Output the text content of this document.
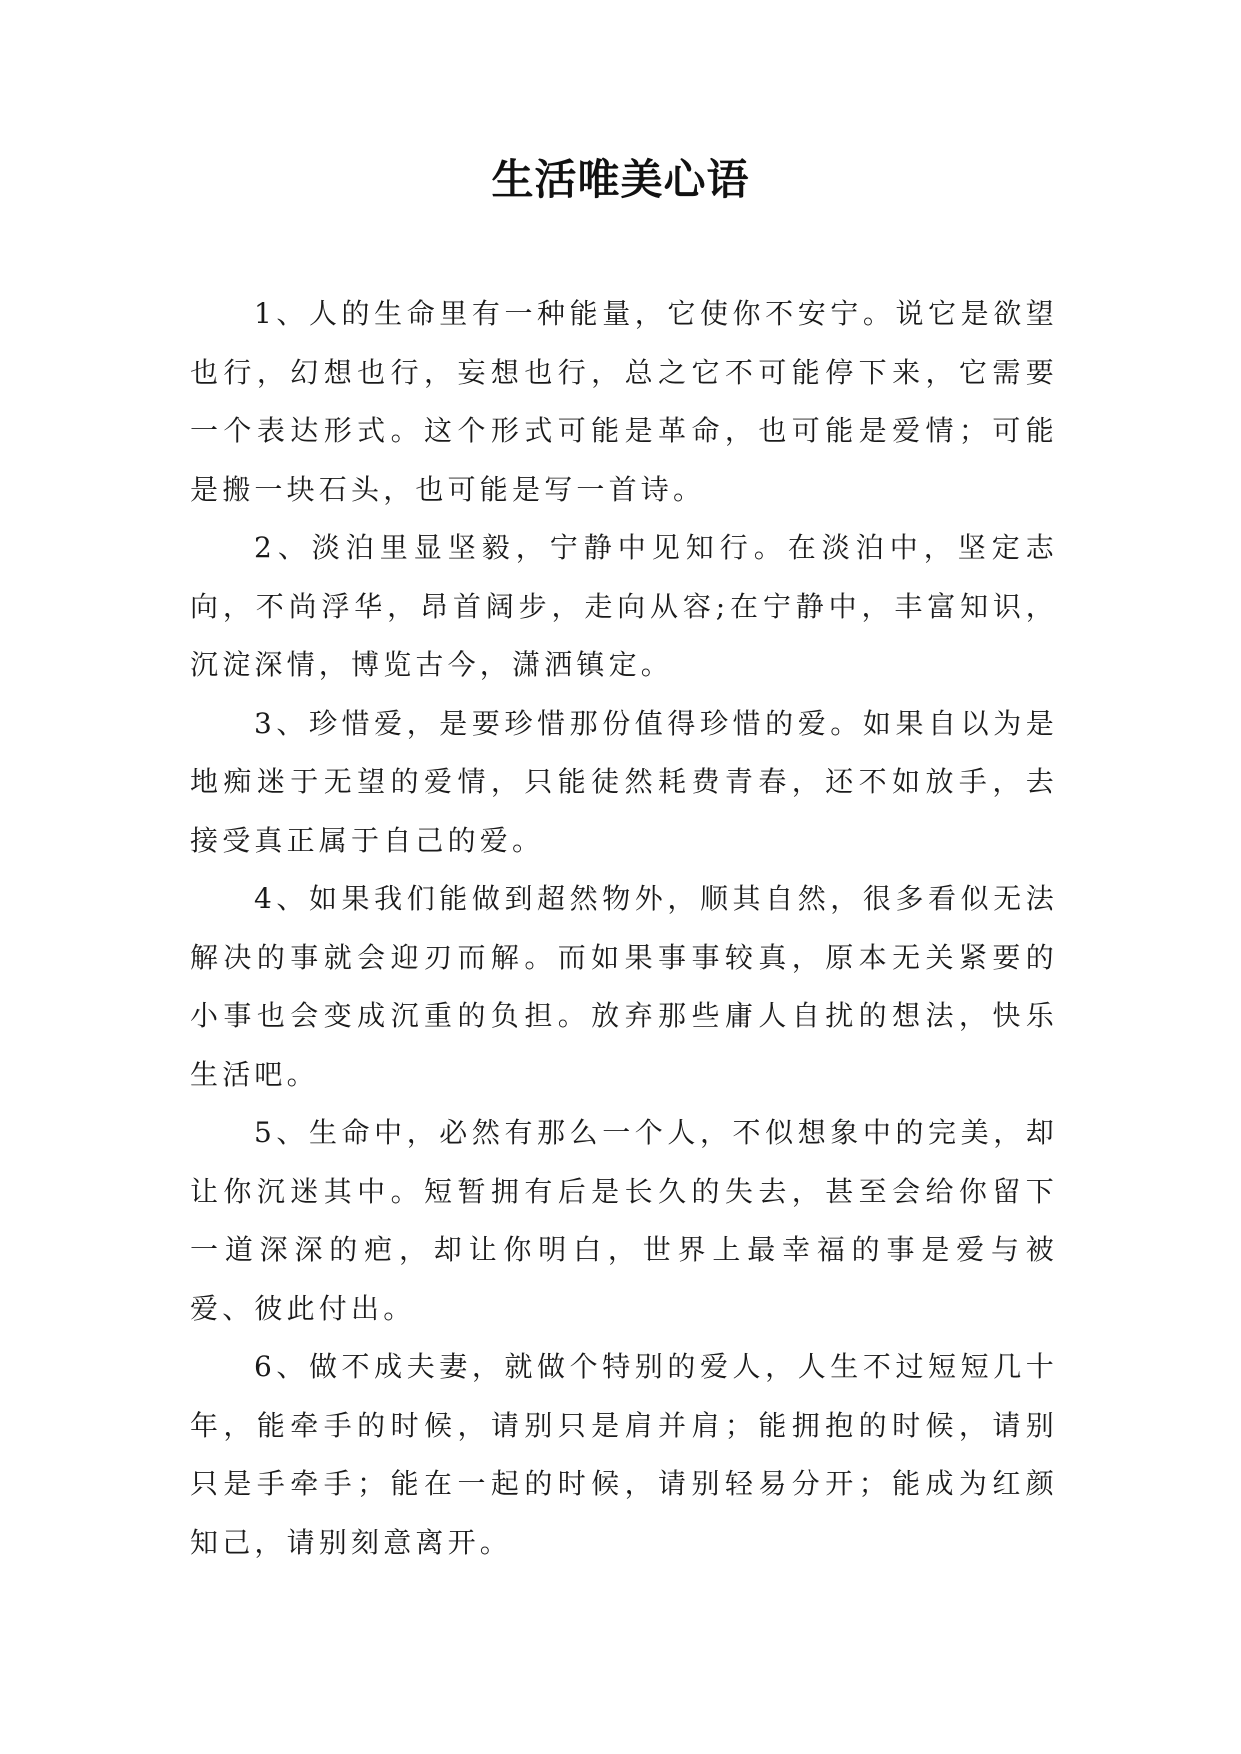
生活唯美心语

1、人的生命里有一种能量，它使你不安宁。说它是欲望也行，幻想也行，妄想也行，总之它不可能停下来，它需要一个表达形式。这个形式可能是革命，也可能是爱情；可能是搬一块石头，也可能是写一首诗。

2、淡泊里显坚毅，宁静中见知行。在淡泊中，坚定志向，不尚浮华，昂首阔步，走向从容;在宁静中，丰富知识，沉淀深情，博览古今，潇洒镇定。

3、珍惜爱，是要珍惜那份值得珍惜的爱。如果自以为是地痴迷于无望的爱情，只能徒然耗费青春，还不如放手，去接受真正属于自己的爱。

4、如果我们能做到超然物外，顺其自然，很多看似无法解决的事就会迎刃而解。而如果事事较真，原本无关紧要的小事也会变成沉重的负担。放弃那些庸人自扰的想法，快乐生活吧。

5、生命中，必然有那么一个人，不似想象中的完美，却让你沉迷其中。短暂拥有后是长久的失去，甚至会给你留下一道深深的疤，却让你明白，世界上最幸福的事是爱与被爱、彼此付出。

6、做不成夫妻，就做个特别的爱人，人生不过短短几十年，能牵手的时候，请别只是肩并肩；能拥抱的时候，请别只是手牵手；能在一起的时候，请别轻易分开；能成为红颜知己，请别刻意离开。
